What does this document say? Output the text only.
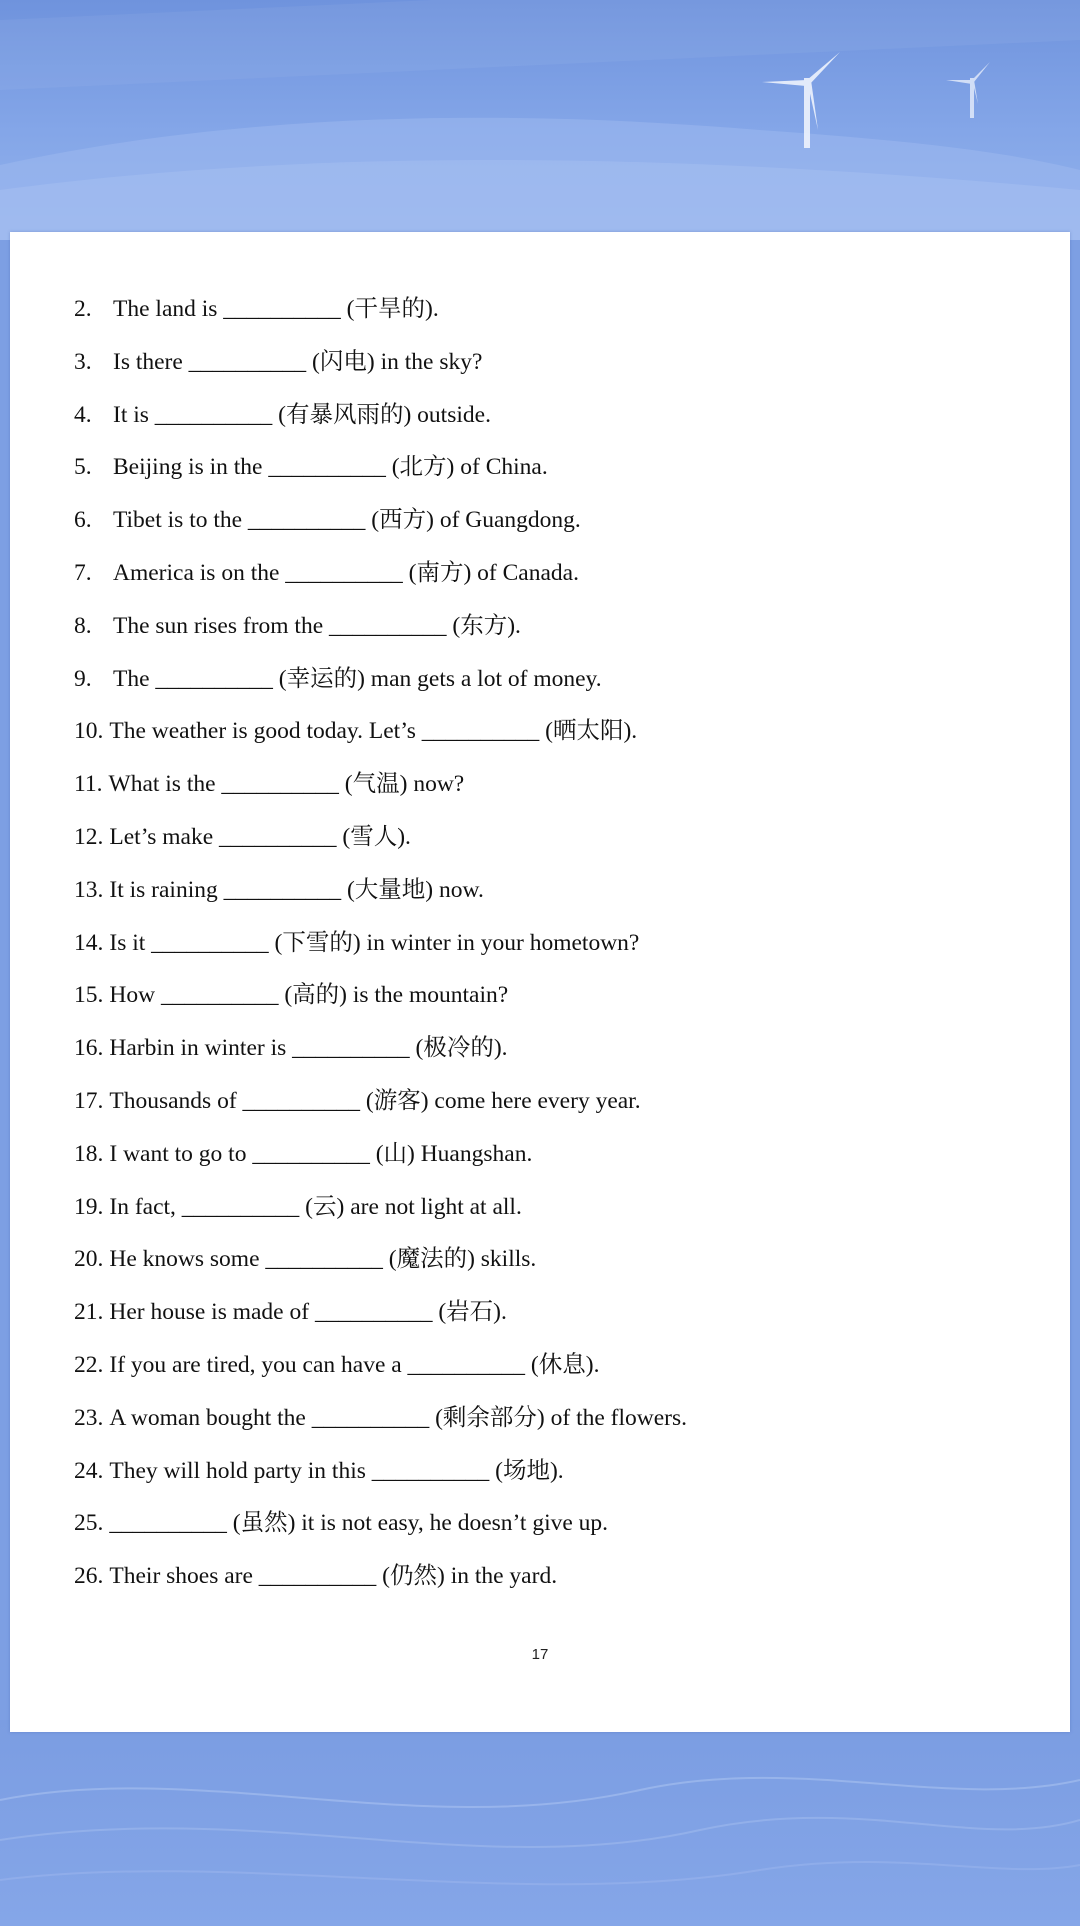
2. The land is __________ (干旱的).
3. Is there __________ (闪电) in the sky?
4. It is __________ (有暴风雨的) outside.
5. Beijing is in the __________ (北方) of China.
6. Tibet is to the __________ (西方) of Guangdong.
7. America is on the __________ (南方) of Canada.
8. The sun rises from the __________ (东方).
9. The __________ (幸运的) man gets a lot of money.
10. The weather is good today. Let’s __________ (晒太阳).
11. What is the __________ (气温) now?
12. Let’s make __________ (雪人).
13. It is raining __________ (大量地) now.
14. Is it __________ (下雪的) in winter in your hometown?
15. How __________ (高的) is the mountain?
16. Harbin in winter is __________ (极冷的).
17. Thousands of __________ (游客) come here every year.
18. I want to go to __________ (山) Huangshan.
19. In fact, __________ (云) are not light at all.
20. He knows some __________ (魔法的) skills.
21. Her house is made of __________ (岩石).
22. If you are tired, you can have a __________ (休息).
23. A woman bought the __________ (剩余部分) of the flowers.
24. They will hold party in this __________ (场地).
25. __________ (虽然) it is not easy, he doesn’t give up.
26. Their shoes are __________ (仍然) in the yard.
17
